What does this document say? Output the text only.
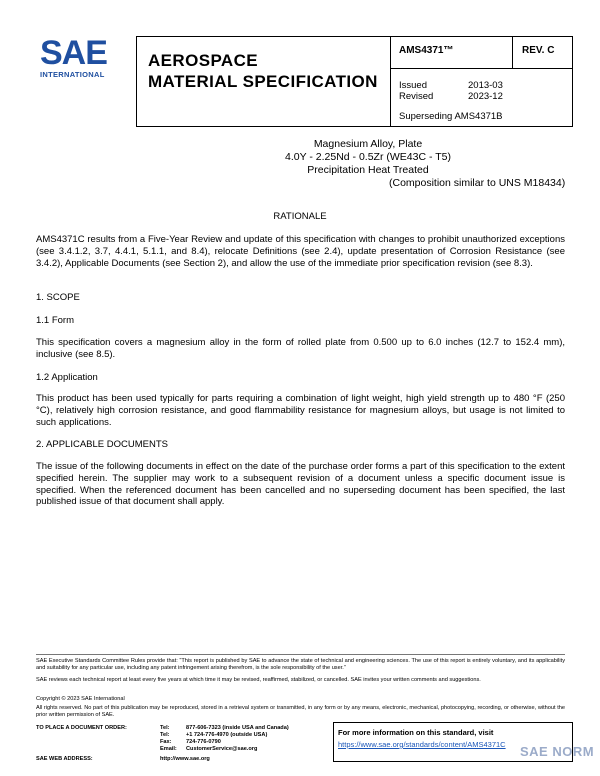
SAE
INTERNATIONAL
AEROSPACE
MATERIAL SPECIFICATION
AMS4371™	REV. C
Issued	2013-03
Revised	2023-12
Superseding AMS4371B
Magnesium Alloy, Plate
4.0Y - 2.25Nd - 0.5Zr (WE43C - T5)
Precipitation Heat Treated
(Composition similar to UNS M18434)
RATIONALE
AMS4371C results from a Five-Year Review and update of this specification with changes to prohibit unauthorized exceptions (see 3.4.1.2, 3.7, 4.4.1, 5.1.1, and 8.4), relocate Definitions (see 2.4), update presentation of Corrosion Resistance (see 3.4.2), Applicable Documents (see Section 2), and allow the use of the immediate prior specification revision (see 8.3).
1. SCOPE
1.1 Form
This specification covers a magnesium alloy in the form of rolled plate from 0.500 up to 6.0 inches (12.7 to 152.4 mm), inclusive (see 8.5).
1.2 Application
This product has been used typically for parts requiring a combination of light weight, high yield strength up to 480 °F (250 °C), relatively high corrosion resistance, and good flammability resistance for magnesium alloys, but usage is not limited to such applications.
2. APPLICABLE DOCUMENTS
The issue of the following documents in effect on the date of the purchase order forms a part of this specification to the extent specified herein. The supplier may work to a subsequent revision of a document unless a specific document issue is specified. When the referenced document has been cancelled and no superseding document has been specified, the last published issue of that document shall apply.
SAE Executive Standards Committee Rules provide that: “This report is published by SAE to advance the state of technical and engineering sciences. The use of this report is entirely voluntary, and its applicability and suitability for any particular use, including any patent infringement arising therefrom, is the sole responsibility of the user.”
SAE reviews each technical report at least every five years at which time it may be revised, reaffirmed, stabilized, or cancelled. SAE invites your written comments and suggestions.
Copyright © 2023 SAE International
All rights reserved. No part of this publication may be reproduced, stored in a retrieval system or transmitted, in any form or by any means, electronic, mechanical, photocopying, recording, or otherwise, without the prior written permission of SAE.
TO PLACE A DOCUMENT ORDER:	Tel:	877-606-7323 (inside USA and Canada)
Tel:	+1 724-776-4970 (outside USA)
Fax:	724-776-0790
Email: CustomerService@sae.org
SAE WEB ADDRESS:	http://www.sae.org
For more information on this standard, visit
https://www.sae.org/standards/content/AMS4371C SAE NORM
